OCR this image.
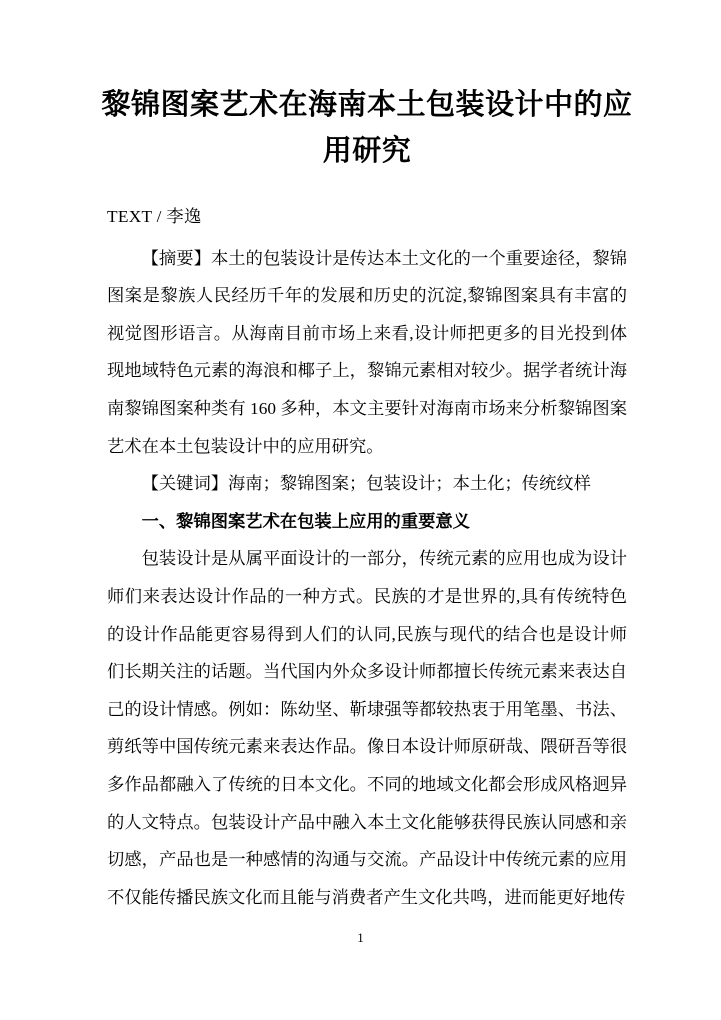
黎锦图案艺术在海南本土包装设计中的应用研究

TEXT / 李逸

【摘要】本土的包装设计是传达本土文化的一个重要途径，黎锦图案是黎族人民经历千年的发展和历史的沉淀,黎锦图案具有丰富的视觉图形语言。从海南目前市场上来看,设计师把更多的目光投到体现地域特色元素的海浪和椰子上，黎锦元素相对较少。据学者统计海南黎锦图案种类有 160 多种，本文主要针对海南市场来分析黎锦图案艺术在本土包装设计中的应用研究。

【关键词】海南；黎锦图案；包装设计；本土化；传统纹样

一、黎锦图案艺术在包装上应用的重要意义

包装设计是从属平面设计的一部分，传统元素的应用也成为设计师们来表达设计作品的一种方式。民族的才是世界的,具有传统特色的设计作品能更容易得到人们的认同,民族与现代的结合也是设计师们长期关注的话题。当代国内外众多设计师都擅长传统元素来表达自己的设计情感。例如：陈幼坚、靳埭强等都较热衷于用笔墨、书法、剪纸等中国传统元素来表达作品。像日本设计师原研哉、隈研吾等很多作品都融入了传统的日本文化。不同的地域文化都会形成风格迥异的人文特点。包装设计产品中融入本土文化能够获得民族认同感和亲切感，产品也是一种感情的沟通与交流。产品设计中传统元素的应用不仅能传播民族文化而且能与消费者产生文化共鸣，进而能更好地传

1
